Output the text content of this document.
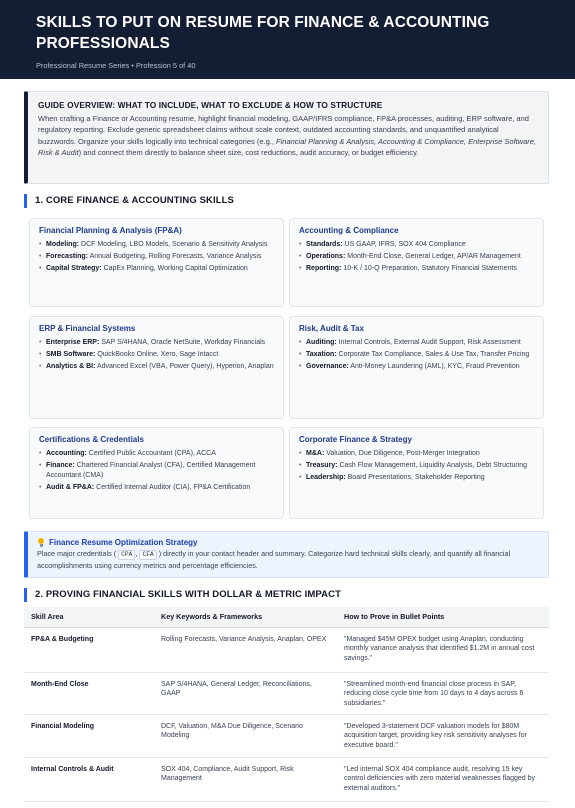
SKILLS TO PUT ON RESUME FOR FINANCE & ACCOUNTING
PROFESSIONALS
Professional Resume Series • Profession 5 of 40
GUIDE OVERVIEW: WHAT TO INCLUDE, WHAT TO EXCLUDE & HOW TO STRUCTURE

When crafting a Finance or Accounting resume, highlight financial modeling, GAAP/IFRS compliance, FP&A processes, auditing, ERP software, and regulatory reporting. Exclude generic spreadsheet claims without scale context, outdated accounting standards, and unquantified analytical buzzwords. Organize your skills logically into technical categories (e.g., Financial Planning & Analysis, Accounting & Compliance, Enterprise Software, Risk & Audit) and connect them directly to balance sheet size, cost reductions, audit accuracy, or budget efficiency.

1. CORE FINANCE & ACCOUNTING SKILLS
Financial Planning & Analysis (FP&A)
• Modeling: DCF Modeling, LBO Models, Scenario & Sensitivity Analysis
• Forecasting: Annual Budgeting, Rolling Forecasts, Variance Analysis
• Capital Strategy: CapEx Planning, Working Capital Optimization
Accounting & Compliance
• Standards: US GAAP, IFRS, SOX 404 Compliance
• Operations: Month-End Close, General Ledger, AP/AR Management
• Reporting: 10-K / 10-Q Preparation, Statutory Financial Statements
ERP & Financial Systems
• Enterprise ERP: SAP S/4HANA, Oracle NetSuite, Workday Financials
• SMB Software: QuickBooks Online, Xero, Sage Intacct
• Analytics & BI: Advanced Excel (VBA, Power Query), Hyperion, Anaplan
Risk, Audit & Tax
• Auditing: Internal Controls, External Audit Support, Risk Assessment
• Taxation: Corporate Tax Compliance, Sales & Use Tax, Transfer Pricing
• Governance: Anti-Money Laundering (AML), KYC, Fraud Prevention
Certifications & Credentials
• Accounting: Certified Public Accountant (CPA), ACCA
• Finance: Chartered Financial Analyst (CFA), Certified Management Accountant (CMA)
• Audit & FP&A: Certified Internal Auditor (CIA), FP&A Certification
Corporate Finance & Strategy
• M&A: Valuation, Due Diligence, Post-Merger Integration
• Treasury: Cash Flow Management, Liquidity Analysis, Debt Structuring
• Leadership: Board Presentations, Stakeholder Reporting
Finance Resume Optimization Strategy

Place major credentials ( CPA , CFA ) directly in your contact header and summary. Categorize hard technical skills clearly, and quantify all financial accomplishments using currency metrics and percentage efficiencies.

2. PROVING FINANCIAL SKILLS WITH DOLLAR & METRIC IMPACT
Skill Area	Key Keywords & Frameworks	How to Prove in Bullet Points
FP&A & Budgeting	Rolling Forecasts, Variance Analysis, Anaplan, OPEX	"Managed $45M OPEX budget using Anaplan, conducting monthly variance analysis that identified $1.2M in annual cost savings."
Month-End Close	SAP S/4HANA, General Ledger, Reconciliations, GAAP	"Streamlined month-end financial close process in SAP, reducing close cycle time from 10 days to 4 days across 6 subsidiaries."
Financial Modeling	DCF, Valuation, M&A Due Diligence, Scenario Modeling	"Developed 3-statement DCF valuation models for $80M acquisition target, providing key risk sensitivity analyses for executive board."
Internal Controls & Audit	SOX 404, Compliance, Audit Support, Risk Management	"Led internal SOX 404 compliance audit, resolving 15 key control deficiencies with zero material weaknesses flagged by external auditors."
